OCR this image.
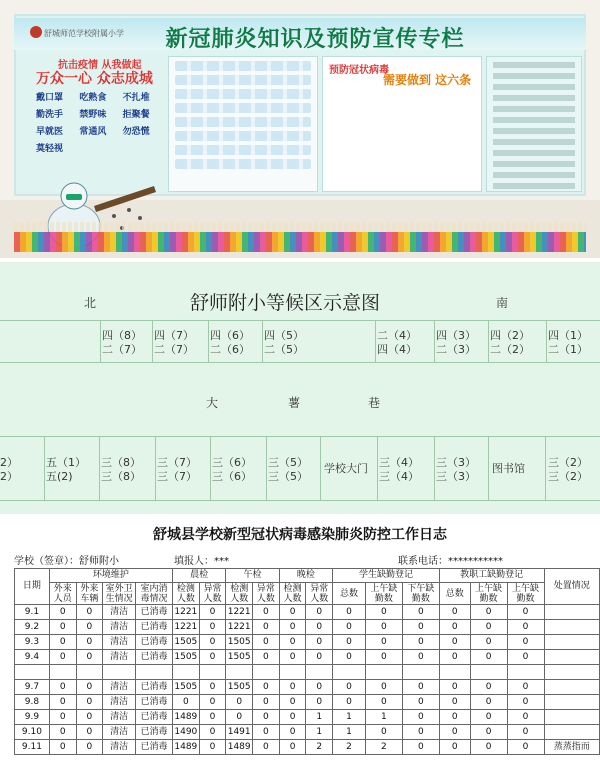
舒城师范学校附属小学	新冠肺炎知识及预防宣传专栏
抗击疫情 从我做起
万众一心 众志成城
戴口罩	吃熟食	不扎堆
勤洗手	禁野味	拒聚餐
早就医	常通风	勿恐慌
莫轻视
预防冠状病毒
需要做到 这六条
北	舒师附小等候区示意图	南
四（8）
二（7）
四（7）
二（7）
四（6）
二（6）
四（5）
二（5）
二（4）
四（4）
四（3）
二（3）
四（2）
二（2）
四（1）
二（1）
大	薯	巷
2）
2）
五（1）
五(2)
三（8）
三（8）
三（7）
三（7）
三（6）
三（6）
三（5）
三（5）
学校大门 三（4）
三（4）
三（3）
三（3）
图书馆 三（2）
三（2）
舒城县学校新型冠状病毒感染肺炎防控工作日志
学校（签章）：舒师附小	填报人：***	联系电话：***********
日期	环境维护				晨检		午检		晚检		学生缺勤登记			教职工缺勤登记			处置情况
	外来人员	外来车辆	室外卫生情况	室内消毒情况	检测人数	异常人数	检测人数	异常人数	检测人数	异常人数	总数	上午缺勤数	下午缺勤数	总数	上午缺勤数	上午缺勤数	
9.1	0	0	清洁	已消毒	1221	0	1221	0	0	0	0	0	0	0	0	0	
9.2	0	0	清洁	已消毒	1221	0	1221	0	0	0	0	0	0	0	0	0	
9.3	0	0	清洁	已消毒	1505	0	1505	0	0	0	0	0	0	0	0	0	
9.4	0	0	清洁	已消毒	1505	0	1505	0	0	0	0	0	0	0	0	0	

9.7	0	0	清洁	已消毒	1505	0	1505	0	0	0	0	0	0	0	0	0	
9.8	0	0	清洁	已消毒	0	0	0	0	0	0	0	0	0	0	0	0	
9.9	0	0	清洁	已消毒	1489	0	0	0	0	1	1	1	0	0	0	0	
9.10	0	0	清洁	已消毒	1490	0	1491	0	0	1	1	0	0	0	0	0	
9.11	0	0	清洁	已消毒	1489	0	1489	0	0	2	2	2	0	0	0	0	蒸蒸指而
